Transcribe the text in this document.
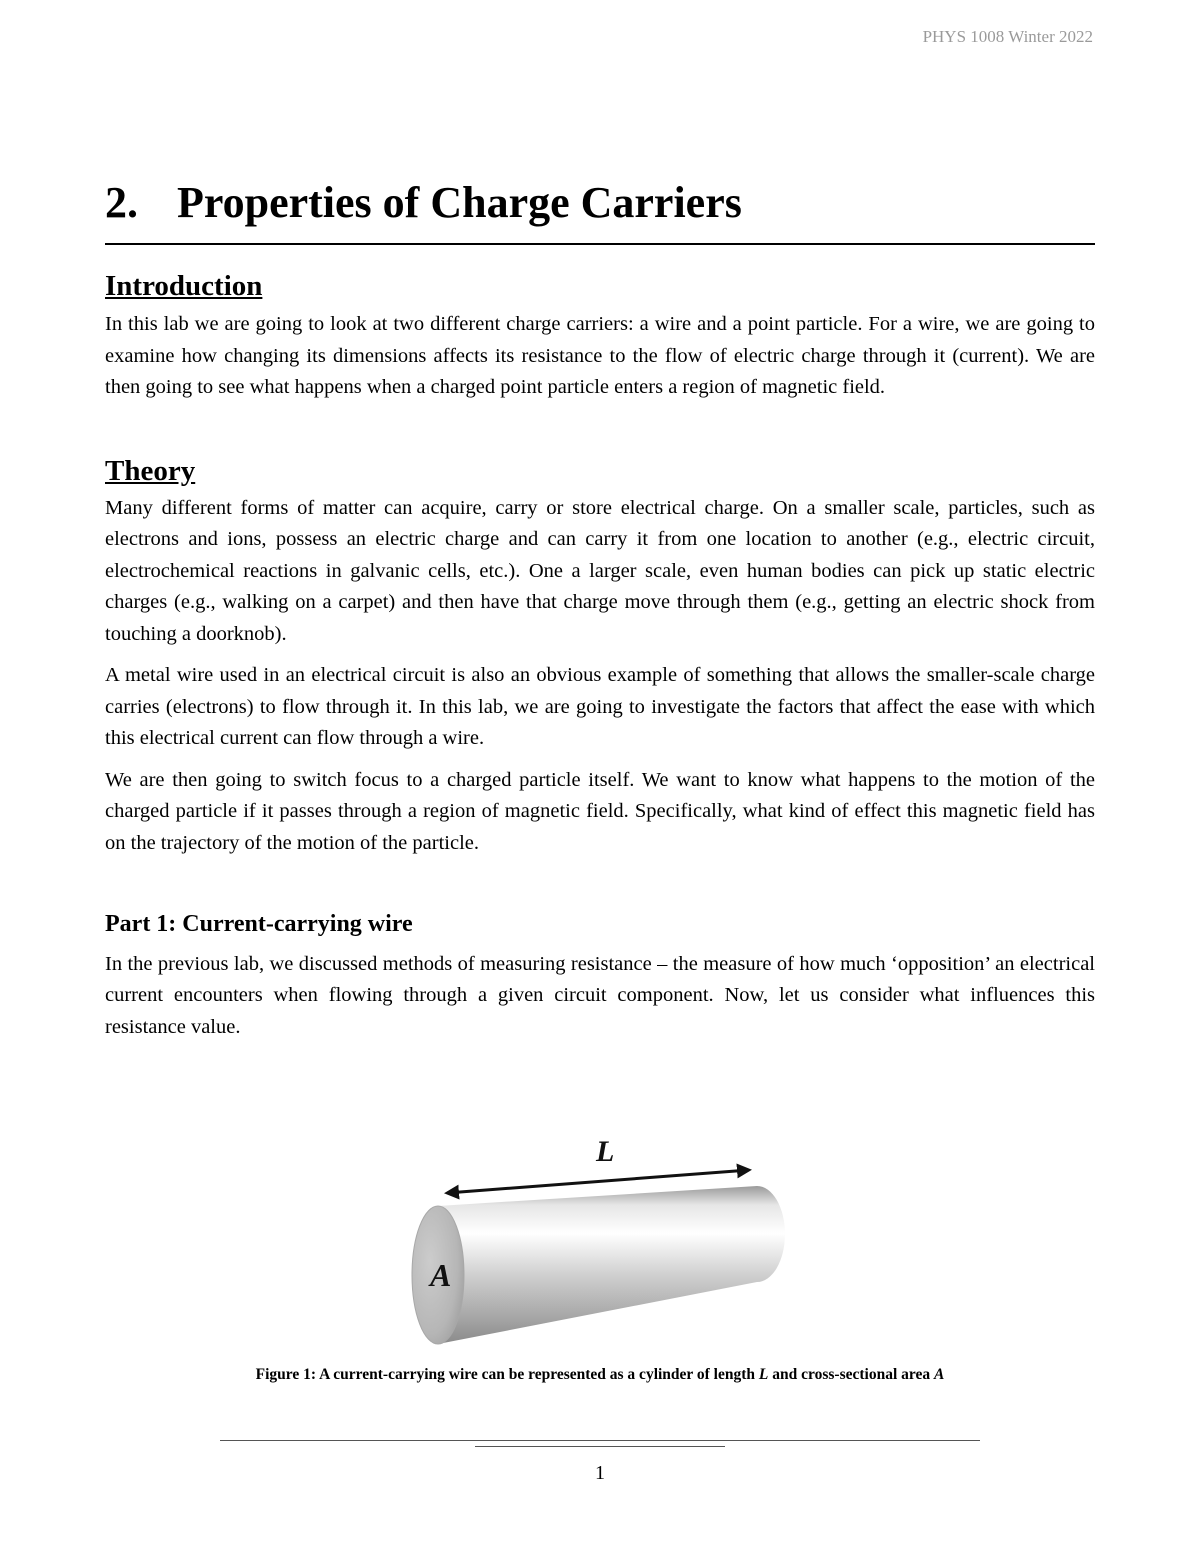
PHYS 1008 Winter 2022
2. Properties of Charge Carriers
Introduction

In this lab we are going to look at two different charge carriers: a wire and a point particle. For a wire, we are going to examine how changing its dimensions affects its resistance to the flow of electric charge through it (current). We are then going to see what happens when a charged point particle enters a region of magnetic field.

Theory

Many different forms of matter can acquire, carry or store electrical charge. On a smaller scale, particles, such as electrons and ions, possess an electric charge and can carry it from one location to another (e.g., electric circuit, electrochemical reactions in galvanic cells, etc.). One a larger scale, even human bodies can pick up static electric charges (e.g., walking on a carpet) and then have that charge move through them (e.g., getting an electric shock from touching a doorknob).

A metal wire used in an electrical circuit is also an obvious example of something that allows the smaller-scale charge carries (electrons) to flow through it. In this lab, we are going to investigate the factors that affect the ease with which this electrical current can flow through a wire.

We are then going to switch focus to a charged particle itself. We want to know what happens to the motion of the charged particle if it passes through a region of magnetic field. Specifically, what kind of effect this magnetic field has on the trajectory of the motion of the particle.

Part 1: Current-carrying wire

In the previous lab, we discussed methods of measuring resistance – the measure of how much ‘opposition’ an electrical current encounters when flowing through a given circuit component. Now, let us consider what influences this resistance value.

L
A
Figure 1: A current-carrying wire can be represented as a cylinder of length L and cross-sectional area A
1
